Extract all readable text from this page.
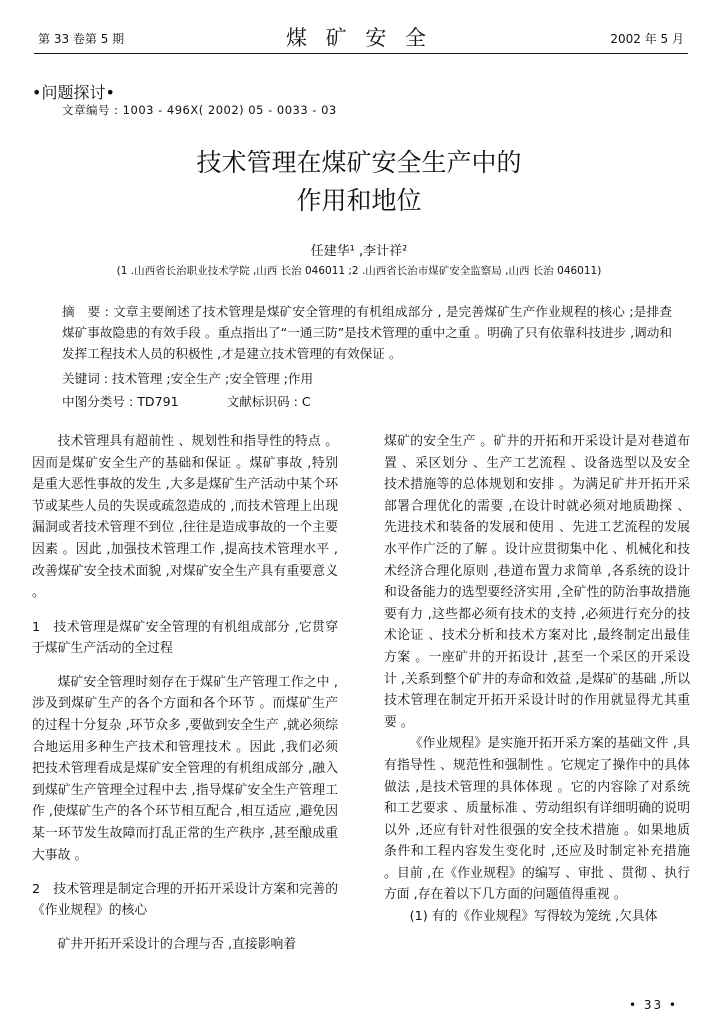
第 33 卷第 5 期	煤 矿 安 全	2002 年 5 月
•问题探讨•
文章编号 : 1003 - 496X( 2002) 05 - 0033 - 03
技术管理在煤矿安全生产中的
作用和地位
任建华¹ ,李计祥²
(1 .山西省长治职业技术学院 ,山西 长治 046011 ;2 .山西省长治市煤矿安全监察局 ,山西 长治 046011)
摘　要 : 文章主要阐述了技术管理是煤矿安全管理的有机组成部分 , 是完善煤矿生产作业规程的核心 ;是排查煤矿事故隐患的有效手段 。重点指出了“一通三防”是技术管理的重中之重 。明确了只有依靠科技进步 ,调动和发挥工程技术人员的积极性 ,才是建立技术管理的有效保证 。
关键词 : 技术管理 ;安全生产 ;安全管理 ;作用
中图分类号 : TD791	文献标识码 : C

技术管理具有超前性 、规划性和指导性的特点 。因而是煤矿安全生产的基础和保证 。煤矿事故 ,特别是重大恶性事故的发生 ,大多是煤矿生产活动中某个环节或某些人员的失误或疏忽造成的 ,而技术管理上出现漏洞或者技术管理不到位 ,往往是造成事故的一个主要因素 。因此 ,加强技术管理工作 ,提高技术管理水平 ,改善煤矿安全技术面貌 ,对煤矿安全生产具有重要意义 。

1　技术管理是煤矿安全管理的有机组成部分 ,它贯穿于煤矿生产活动的全过程

煤矿安全管理时刻存在于煤矿生产管理工作之中 ,涉及到煤矿生产的各个方面和各个环节 。而煤矿生产的过程十分复杂 ,环节众多 ,要做到安全生产 ,就必须综合地运用多种生产技术和管理技术 。因此 ,我们必须把技术管理看成是煤矿安全管理的有机组成部分 ,融入到煤矿生产管理全过程中去 ,指导煤矿安全生产管理工作 ,使煤矿生产的各个环节相互配合 ,相互适应 ,避免因某一环节发生故障而打乱正常的生产秩序 ,甚至酿成重大事故 。

2　技术管理是制定合理的开拓开采设计方案和完善的《作业规程》的核心

矿井开拓开采设计的合理与否 ,直接影响着

煤矿的安全生产 。矿井的开拓和开采设计是对巷道布置 、采区划分 、生产工艺流程 、设备选型以及安全技术措施等的总体规划和安排 。为满足矿井开拓开采部署合理优化的需要 ,在设计时就必须对地质勘探 、先进技术和装备的发展和使用 、先进工艺流程的发展水平作广泛的了解 。设计应贯彻集中化 、机械化和技术经济合理化原则 ,巷道布置力求简单 ,各系统的设计和设备能力的选型要经济实用 ,全矿性的防治事故措施要有力 ,这些都必须有技术的支持 ,必须进行充分的技术论证 、技术分析和技术方案对比 ,最终制定出最佳方案 。一座矿井的开拓设计 ,甚至一个采区的开采设计 ,关系到整个矿井的寿命和效益 ,是煤矿的基础 ,所以技术管理在制定开拓开采设计时的作用就显得尤其重要 。

《作业规程》是实施开拓开采方案的基础文件 ,具有指导性 、规范性和强制性 。它规定了操作中的具体做法 ,是技术管理的具体体现 。它的内容除了对系统和工艺要求 、质量标准 、劳动组织有详细明确的说明以外 ,还应有针对性很强的安全技术措施 。如果地质条件和工程内容发生变化时 ,还应及时制定补充措施 。目前 ,在《作业规程》的编写 、审批 、贯彻 、执行方面 ,存在着以下几方面的问题值得重视 。

(1) 有的《作业规程》写得较为笼统 ,欠具体

• 33 •
